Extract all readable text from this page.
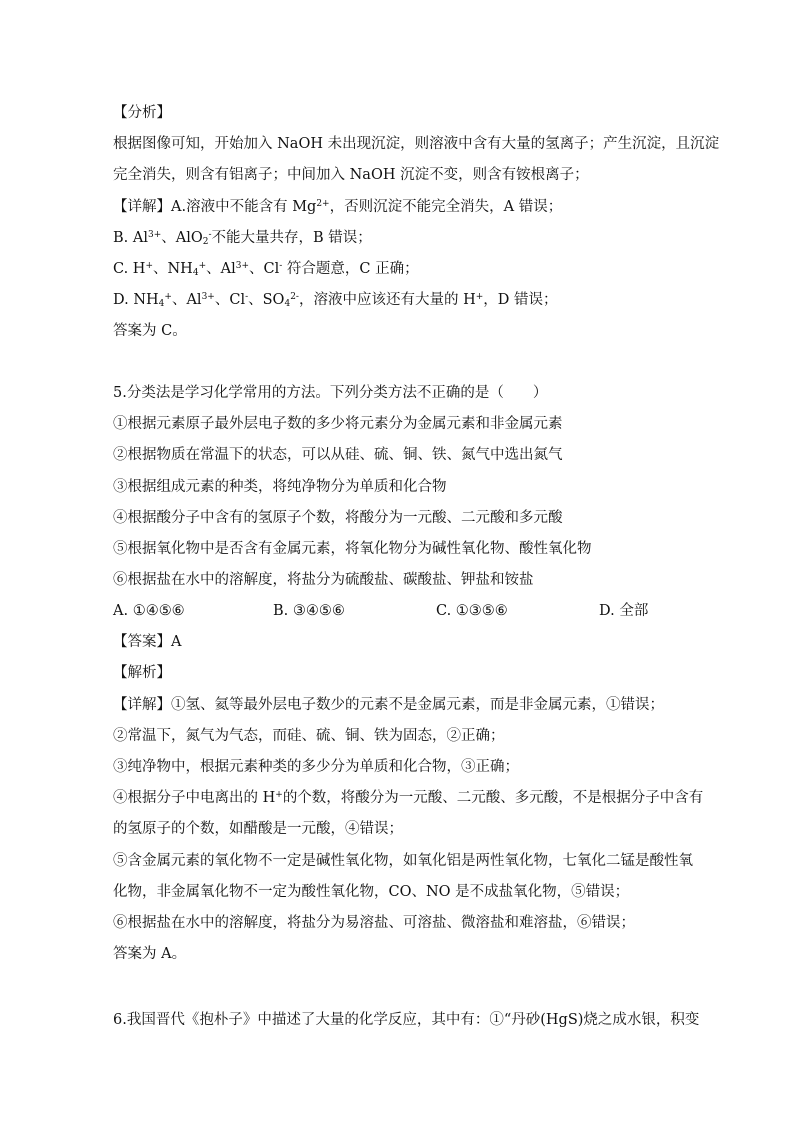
【分析】
根据图像可知，开始加入 NaOH 未出现沉淀，则溶液中含有大量的氢离子；产生沉淀，且沉淀
完全消失，则含有铝离子；中间加入 NaOH 沉淀不变，则含有铵根离子；
【详解】A.溶液中不能含有 $Mg^{2+}$，否则沉淀不能完全消失，A 错误；
B. $Al^{3+}$、AlO$_2$-不能大量共存，B 错误；
C. H+、$NH_4^+$、$Al^{3+}$、Cl- 符合题意，C 正确；
D. $NH_4^+$、$Al^{3+}$、Cl-、$SO_4^{2-}$，溶液中应该还有大量的 H+，D 错误；
答案为 C。
5.分类法是学习化学常用的方法。下列分类方法不正确的是（　　）
①根据元素原子最外层电子数的多少将元素分为金属元素和非金属元素
②根据物质在常温下的状态，可以从硅、硫、铜、铁、氮气中选出氮气
③根据组成元素的种类，将纯净物分为单质和化合物
④根据酸分子中含有的氢原子个数，将酸分为一元酸、二元酸和多元酸
⑤根据氧化物中是否含有金属元素，将氧化物分为碱性氧化物、酸性氧化物
⑥根据盐在水中的溶解度，将盐分为硫酸盐、碳酸盐、钾盐和铵盐
A. ①④⑤⑥	B. ③④⑤⑥	C. ①③⑤⑥	D. 全部
【答案】A
【解析】
【详解】①氢、氦等最外层电子数少的元素不是金属元素，而是非金属元素，①错误；
②常温下，氮气为气态，而硅、硫、铜、铁为固态，②正确；
③纯净物中，根据元素种类的多少分为单质和化合物，③正确；
④根据分子中电离出的 H+的个数，将酸分为一元酸、二元酸、多元酸，不是根据分子中含有
的氢原子的个数，如醋酸是一元酸，④错误；
⑤含金属元素的氧化物不一定是碱性氧化物，如氧化铝是两性氧化物，七氧化二锰是酸性氧
化物，非金属氧化物不一定为酸性氧化物，CO、NO 是不成盐氧化物，⑤错误；
⑥根据盐在水中的溶解度，将盐分为易溶盐、可溶盐、微溶盐和难溶盐，⑥错误；
答案为 A。
6.我国晋代《抱朴子》中描述了大量的化学反应，其中有：①“丹砂(HgS)烧之成水银，积变
